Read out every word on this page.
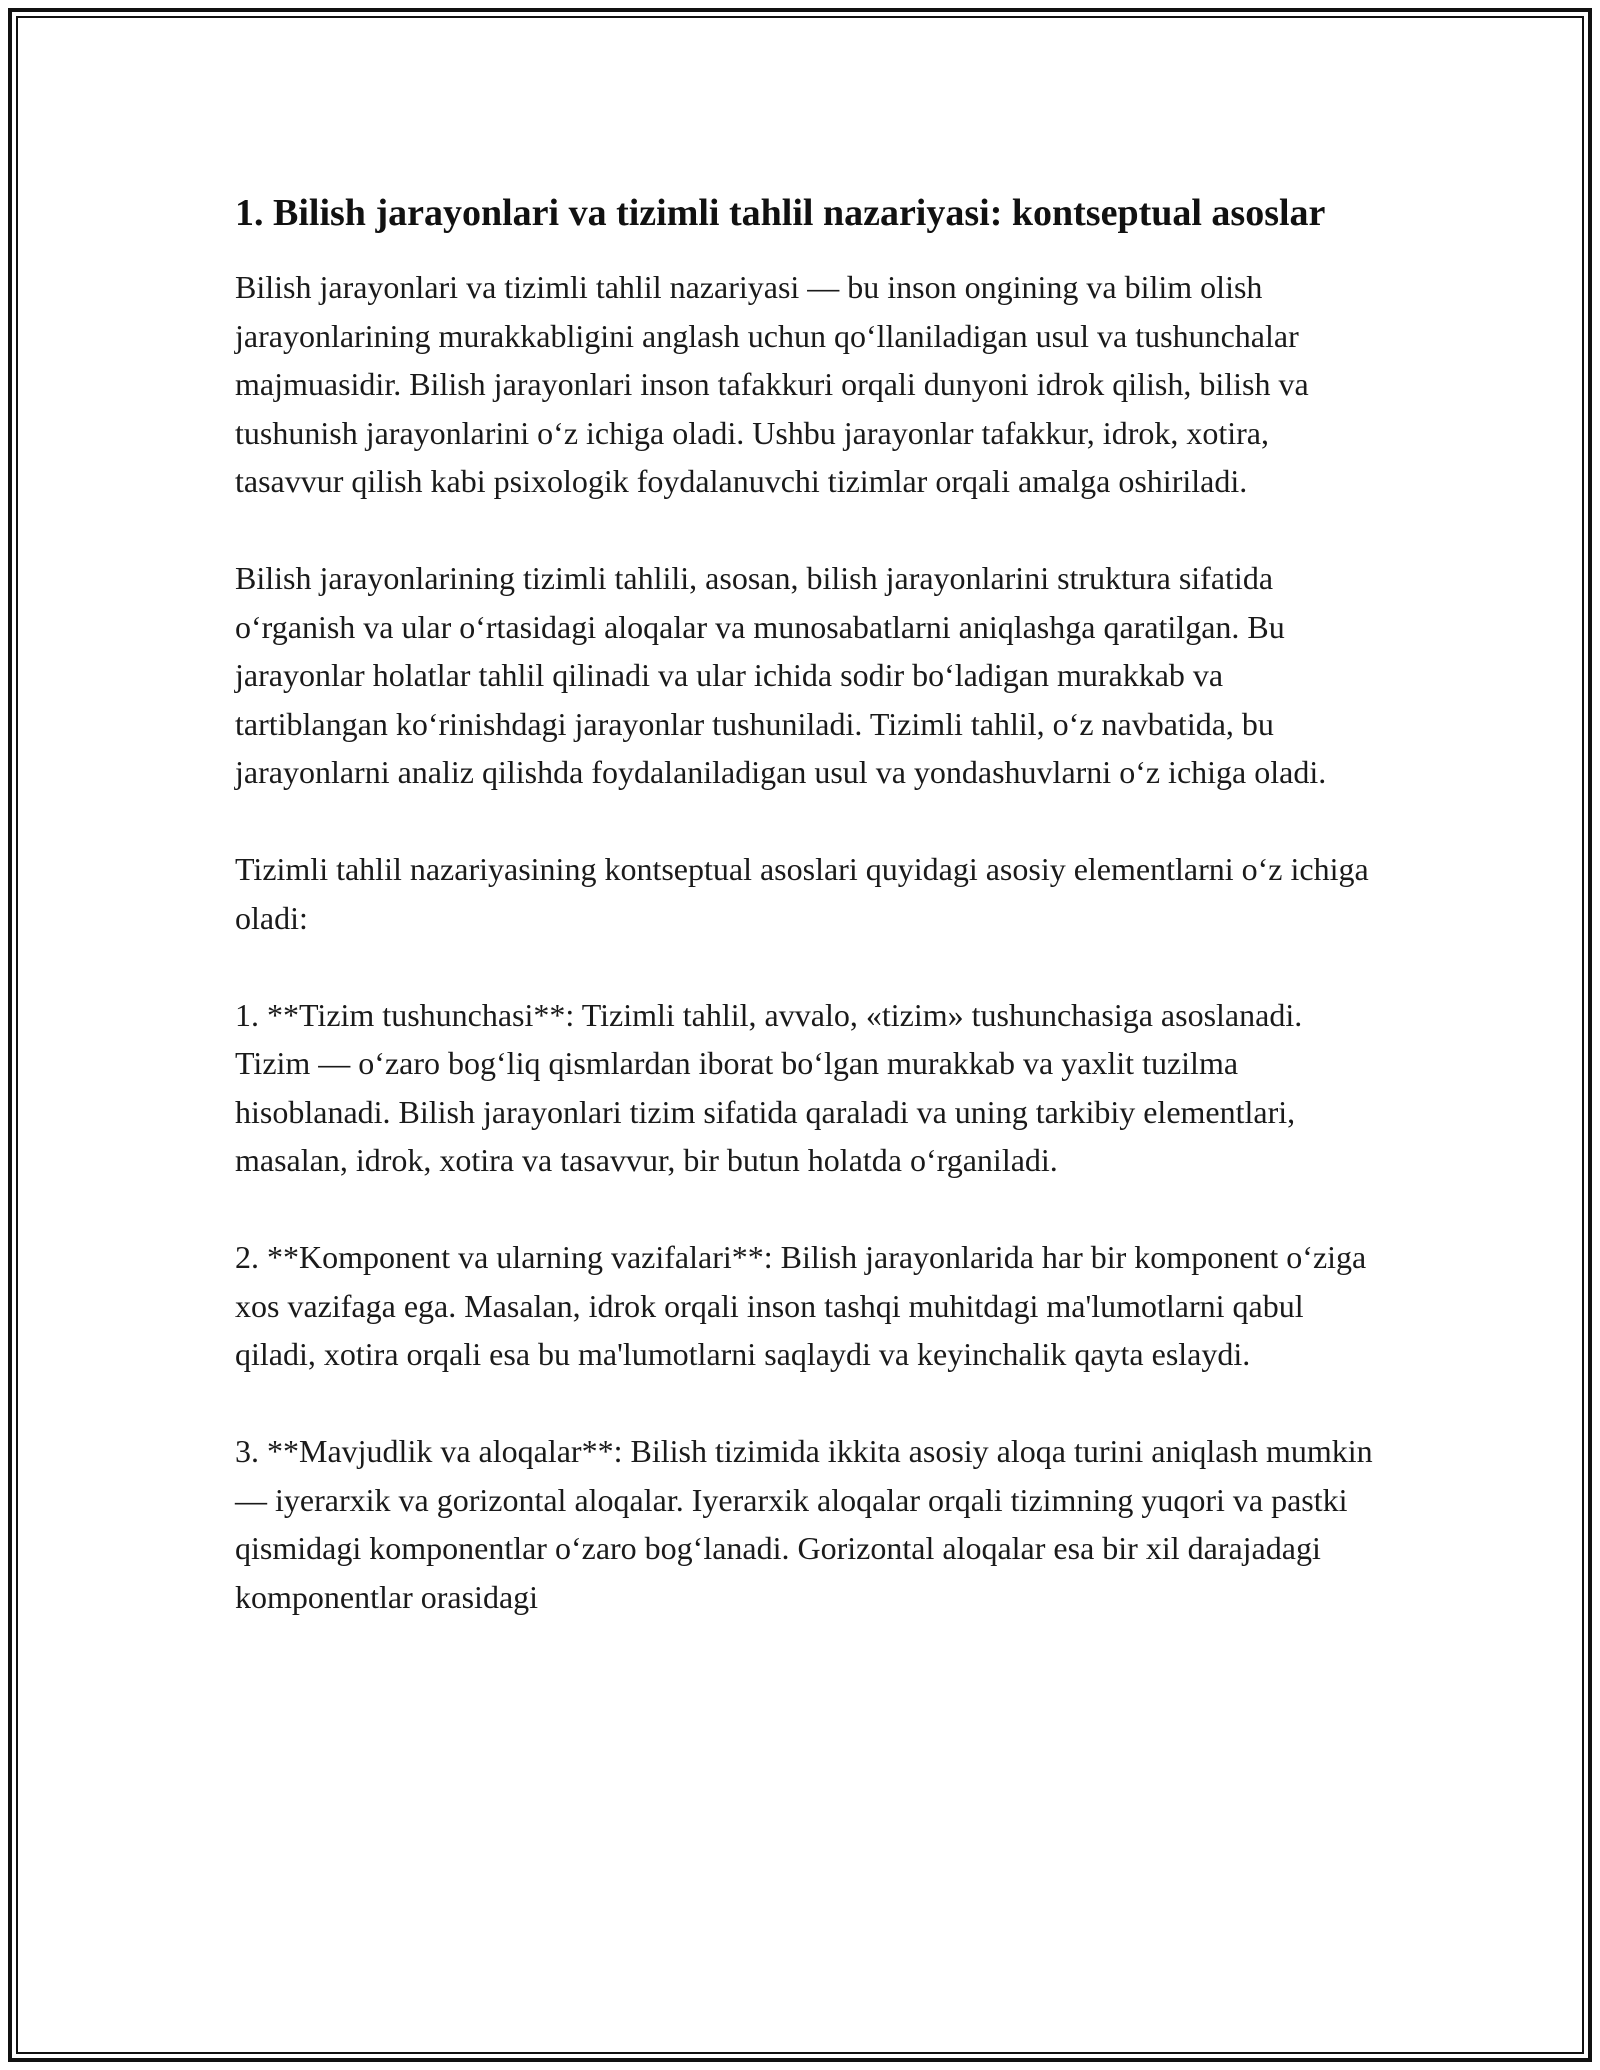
1. Bilish jarayonlari va tizimli tahlil nazariyasi: kontseptual asoslar

Bilish jarayonlari va tizimli tahlil nazariyasi — bu inson ongining va bilim olish jarayonlarining murakkabligini anglash uchun qo‘llaniladigan usul va tushunchalar majmuasidir. Bilish jarayonlari inson tafakkuri orqali dunyoni idrok qilish, bilish va tushunish jarayonlarini o‘z ichiga oladi. Ushbu jarayonlar tafakkur, idrok, xotira, tasavvur qilish kabi psixologik foydalanuvchi tizimlar orqali amalga oshiriladi.

Bilish jarayonlarining tizimli tahlili, asosan, bilish jarayonlarini struktura sifatida o‘rganish va ular o‘rtasidagi aloqalar va munosabatlarni aniqlashga qaratilgan. Bu jarayonlar holatlar tahlil qilinadi va ular ichida sodir bo‘ladigan murakkab va tartiblangan ko‘rinishdagi jarayonlar tushuniladi. Tizimli tahlil, o‘z navbatida, bu jarayonlarni analiz qilishda foydalaniladigan usul va yondashuvlarni o‘z ichiga oladi.

Tizimli tahlil nazariyasining kontseptual asoslari quyidagi asosiy elementlarni o‘z ichiga oladi:

1. **Tizim tushunchasi**: Tizimli tahlil, avvalo, «tizim» tushunchasiga asoslanadi. Tizim — o‘zaro bog‘liq qismlardan iborat bo‘lgan murakkab va yaxlit tuzilma hisoblanadi. Bilish jarayonlari tizim sifatida qaraladi va uning tarkibiy elementlari, masalan, idrok, xotira va tasavvur, bir butun holatda o‘rganiladi.

2. **Komponent va ularning vazifalari**: Bilish jarayonlarida har bir komponent o‘ziga xos vazifaga ega. Masalan, idrok orqali inson tashqi muhitdagi ma'lumotlarni qabul qiladi, xotira orqali esa bu ma'lumotlarni saqlaydi va keyinchalik qayta eslaydi.

3. **Mavjudlik va aloqalar**: Bilish tizimida ikkita asosiy aloqa turini aniqlash mumkin — iyerarxik va gorizontal aloqalar. Iyerarxik aloqalar orqali tizimning yuqori va pastki qismidagi komponentlar o‘zaro bog‘lanadi. Gorizontal aloqalar esa bir xil darajadagi komponentlar orasidagi
